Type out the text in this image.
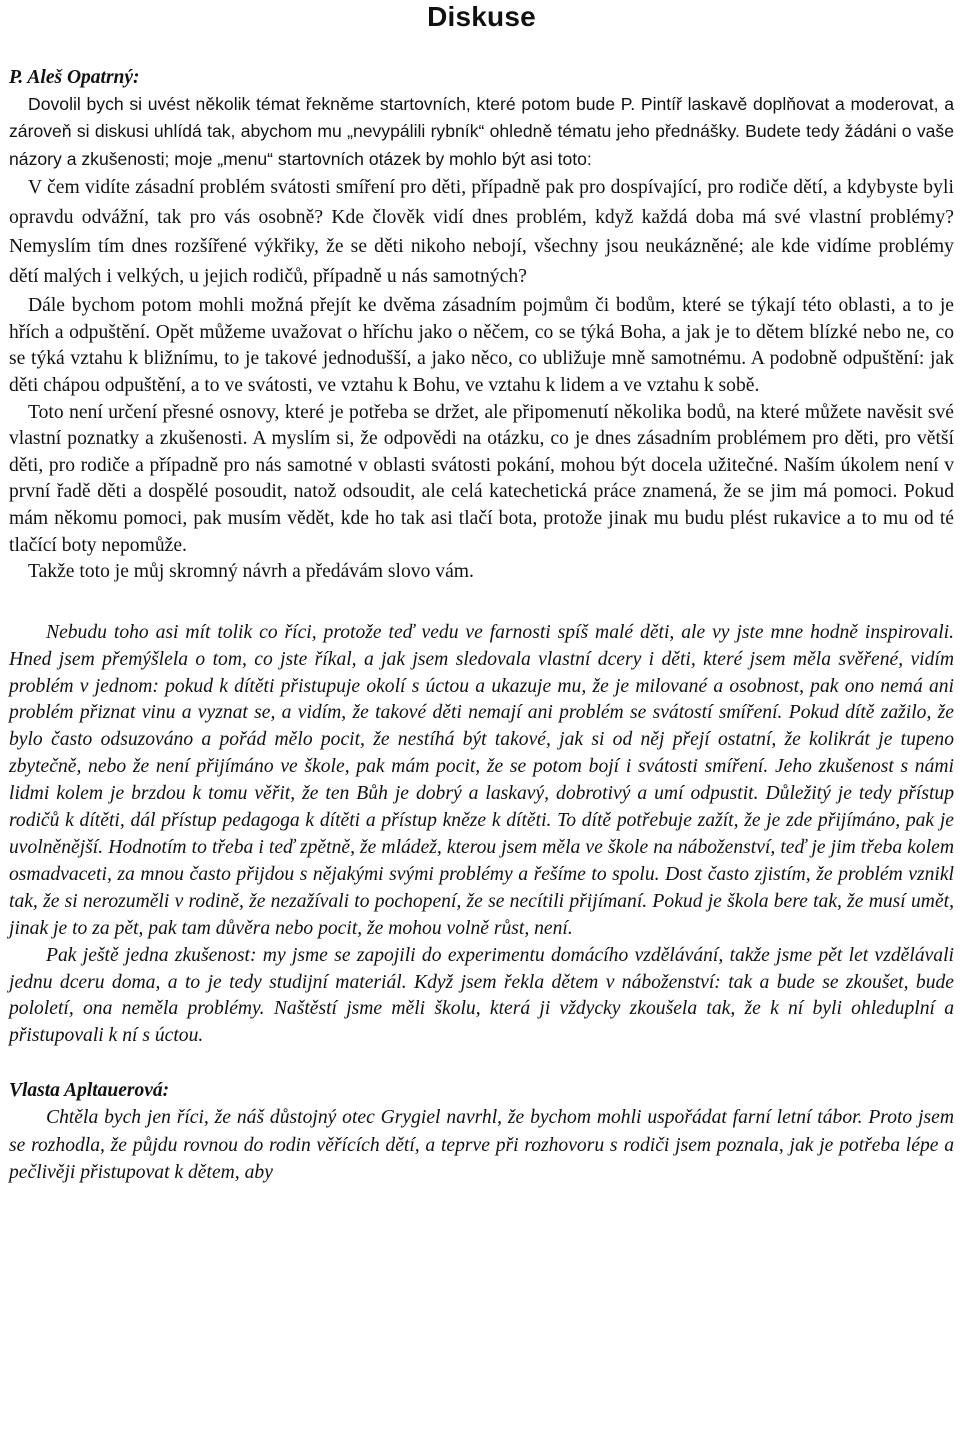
Diskuse
P. Aleš Opatrný:

Dovolil bych si uvést několik témat řekněme startovních, které potom bude P. Pintíř laskavě doplňovat a moderovat, a zároveň si diskusi uhlídá tak, abychom mu „nevypálili rybník“ ohledně tématu jeho přednášky. Budete tedy žádáni o vaše názory a zkušenosti; moje „menu“ startovních otázek by mohlo být asi toto:

V čem vidíte zásadní problém svátosti smíření pro děti, případně pak pro dospívající, pro rodiče dětí, a kdybyste byli opravdu odvážní, tak pro vás osobně? Kde člověk vidí dnes problém, když každá doba má své vlastní problémy? Nemyslím tím dnes rozšířené výkřiky, že se děti nikoho nebojí, všechny jsou neukázněné; ale kde vidíme problémy dětí malých i velkých, u jejich rodičů, případně u nás samotných?

Dále bychom potom mohli možná přejít ke dvěma zásadním pojmům či bodům, které se týkají této oblasti, a to je hřích a odpuštění. Opět můžeme uvažovat o hříchu jako o něčem, co se týká Boha, a jak je to dětem blízké nebo ne, co se týká vztahu k bližnímu, to je takové jednodušší, a jako něco, co ubližuje mně samotnému. A podobně odpuštění: jak děti chápou odpuštění, a to ve svátosti, ve vztahu k Bohu, ve vztahu k lidem a ve vztahu k sobě.

Toto není určení přesné osnovy, které je potřeba se držet, ale připomenutí několika bodů, na které můžete navěsit své vlastní poznatky a zkušenosti. A myslím si, že odpovědi na otázku, co je dnes zásadním problémem pro děti, pro větší děti, pro rodiče a případně pro nás samotné v oblasti svátosti pokání, mohou být docela užitečné. Naším úkolem není v první řadě děti a dospělé posoudit, natož odsoudit, ale celá katechetická práce znamená, že se jim má pomoci. Pokud mám někomu pomoci, pak musím vědět, kde ho tak asi tlačí bota, protože jinak mu budu plést rukavice a to mu od té tlačící boty nepomůže.

Takže toto je můj skromný návrh a předávám slovo vám.

Nebudu toho asi mít tolik co říci, protože teď vedu ve farnosti spíš malé děti, ale vy jste mne hodně inspirovali. Hned jsem přemýšlela o tom, co jste říkal, a jak jsem sledovala vlastní dcery i děti, které jsem měla svěřené, vidím problém v jednom: pokud k dítěti přistupuje okolí s úctou a ukazuje mu, že je milované a osobnost, pak ono nemá ani problém přiznat vinu a vyznat se, a vidím, že takové děti nemají ani problém se svátostí smíření. Pokud dítě zažilo, že bylo často odsuzováno a pořád mělo pocit, že nestíhá být takové, jak si od něj přejí ostatní, že kolikrát je tupeno zbytečně, nebo že není přijímáno ve škole, pak mám pocit, že se potom bojí i svátosti smíření. Jeho zkušenost s námi lidmi kolem je brzdou k tomu věřit, že ten Bůh je dobrý a laskavý, dobrotivý a umí odpustit. Důležitý je tedy přístup rodičů k dítěti, dál přístup pedagoga k dítěti a přístup kněze k dítěti. To dítě potřebuje zažít, že je zde přijímáno, pak je uvolněnější. Hodnotím to třeba i teď zpětně, že mládež, kterou jsem měla ve škole na náboženství, teď je jim třeba kolem osmadvaceti, za mnou často přijdou s nějakými svými problémy a řešíme to spolu. Dost často zjistím, že problém vznikl tak, že si nerozuměli v rodině, že nezažívali to pochopení, že se necítili přijímaní. Pokud je škola bere tak, že musí umět, jinak je to za pět, pak tam důvěra nebo pocit, že mohou volně růst, není.

Pak ještě jedna zkušenost: my jsme se zapojili do experimentu domácího vzdělávání, takže jsme pět let vzdělávali jednu dceru doma, a to je tedy studijní materiál. Když jsem řekla dětem v náboženství: tak a bude se zkoušet, bude pololetí, ona neměla problémy. Naštěstí jsme měli školu, která ji vždycky zkoušela tak, že k ní byli ohleduplní a přistupovali k ní s úctou.

Vlasta Apltauerová:

Chtěla bych jen říci, že náš důstojný otec Grygiel navrhl, že bychom mohli uspořádat farní letní tábor. Proto jsem se rozhodla, že půjdu rovnou do rodin věřících dětí, a teprve při rozhovoru s rodiči jsem poznala, jak je potřeba lépe a pečlivěji přistupovat k dětem, aby
